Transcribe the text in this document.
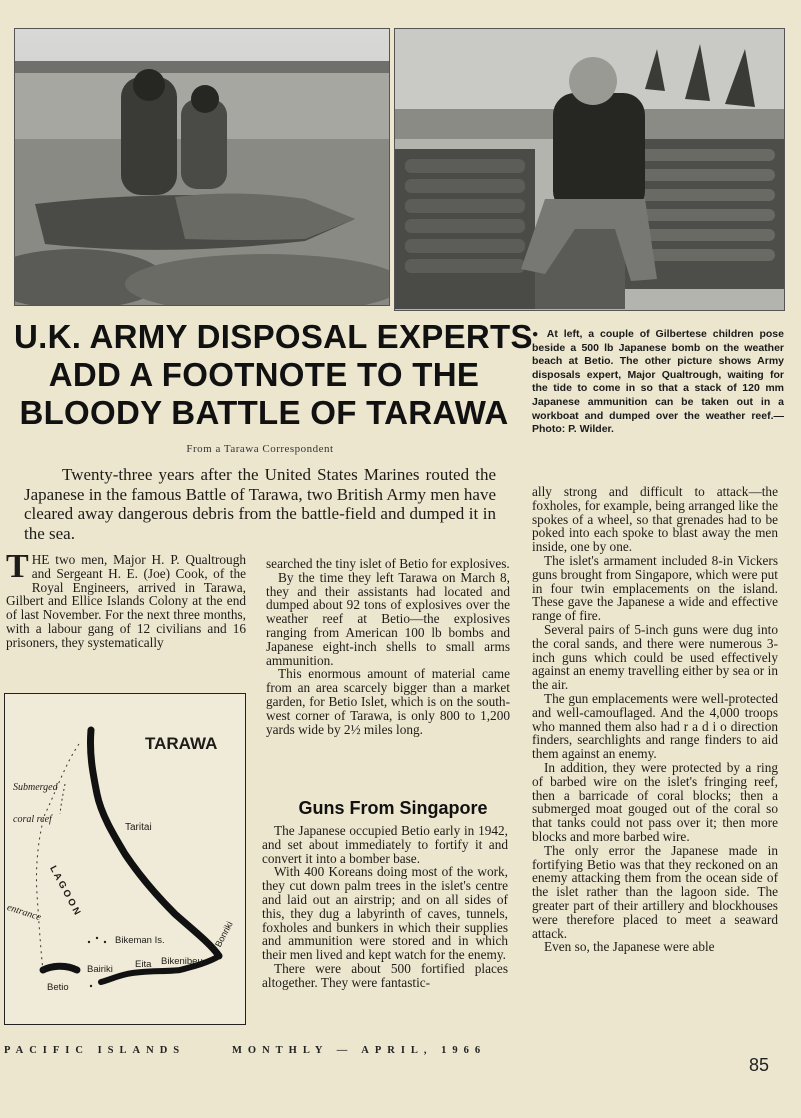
U.K. ARMY DISPOSAL EXPERTS
ADD A FOOTNOTE TO THE
BLOODY BATTLE OF TARAWA
From a Tarawa Correspondent
● At left, a couple of Gilbertese children pose beside a 500 lb Japanese bomb on the weather beach at Betio. The other picture shows Army disposals expert, Major Qualtrough, waiting for the tide to come in so that a stack of 120 mm Japanese ammunition can be taken out in a workboat and dumped over the weather reef.—Photo: P. Wilder.
Twenty-three years after the United States Marines routed the Japanese in the famous Battle of Tarawa, two British Army men have cleared away dangerous debris from the battle-field and dumped it in the sea.

THE two men, Major H. P. Qualtrough and Sergeant H. E. (Joe) Cook, of the Royal Engineers, arrived in Tarawa, Gilbert and Ellice Islands Colony at the end of last November. For the next three months, with a labour gang of 12 civilians and 16 prisoners, they systematically

TARAWA
Submerged
coral reef
L A G O O N
entrance
Taritai
Bikeman Is.
Eita Bikenibeu
Bairiki
Betio
Bonriki

searched the tiny islet of Betio for explosives.

By the time they left Tarawa on March 8, they and their assistants had located and dumped about 92 tons of explosives over the weather reef at Betio—the explosives ranging from American 100 lb bombs and Japanese eight-inch shells to small arms ammunition.

This enormous amount of material came from an area scarcely bigger than a market garden, for Betio Islet, which is on the south-west corner of Tarawa, is only 800 to 1,200 yards wide by 2½ miles long.

Guns From Singapore

The Japanese occupied Betio early in 1942, and set about immediately to fortify it and convert it into a bomber base.

With 400 Koreans doing most of the work, they cut down palm trees in the islet's centre and laid out an airstrip; and on all sides of this, they dug a labyrinth of caves, tunnels, foxholes and bunkers in which their supplies and ammunition were stored and in which their men lived and kept watch for the enemy.

There were about 500 fortified places altogether. They were fantastic-

ally strong and difficult to attack—the foxholes, for example, being arranged like the spokes of a wheel, so that grenades had to be poked into each spoke to blast away the men inside, one by one.

The islet's armament included 8-in Vickers guns brought from Singapore, which were put in four twin emplacements on the island. These gave the Japanese a wide and effective range of fire.

Several pairs of 5-inch guns were dug into the coral sands, and there were numerous 3-inch guns which could be used effectively against an enemy travelling either by sea or in the air.

The gun emplacements were well-protected and well-camouflaged. And the 4,000 troops who manned them also had r a d i o direction finders, searchlights and range finders to aid them against an enemy.

In addition, they were protected by a ring of barbed wire on the islet's fringing reef, then a barricade of coral blocks; then a submerged moat gouged out of the coral so that tanks could not pass over it; then more blocks and more barbed wire.

The only error the Japanese made in fortifying Betio was that they reckoned on an enemy attacking them from the ocean side of the islet rather than the lagoon side. The greater part of their artillery and blockhouses were therefore placed to meet a seaward attack.

Even so, the Japanese were able

PACIFIC ISLANDS	MONTHLY — APRIL, 1966
85
